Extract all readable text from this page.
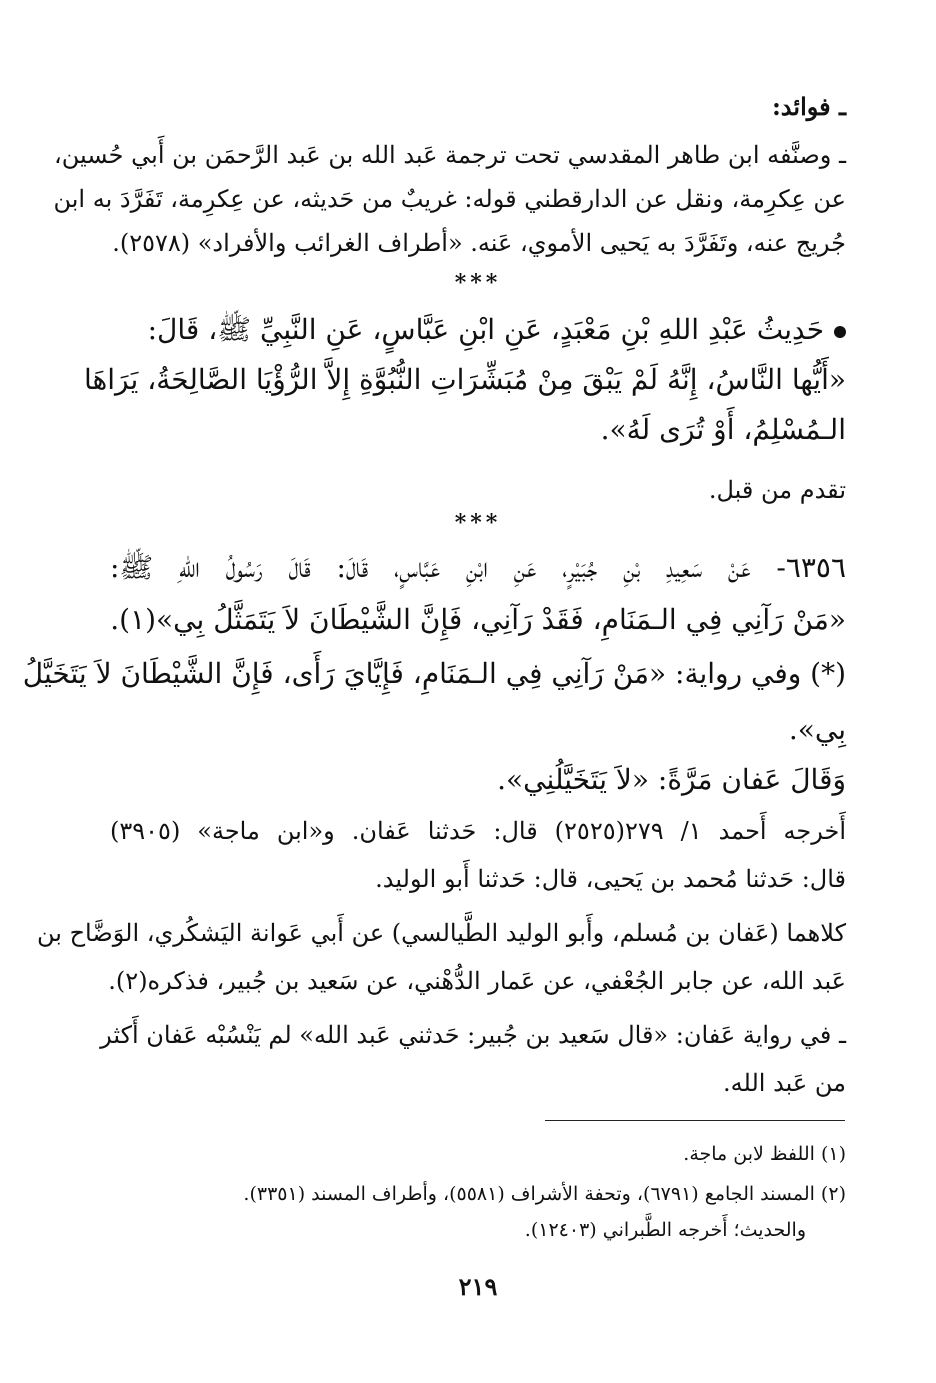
ـ فوائد:
ـ وصنَّفه ابن طاهر المقدسي تحت ترجمة عَبد الله بن عَبد الرَّحمَن بن أَبي حُسين،
عن عِكرِمة، ونقل عن الدارقطني قوله: غريبٌ من حَديثه، عن عِكرِمة، تَفَرَّدَ به ابن
جُريج عنه، وتَفَرَّدَ به يَحيى الأموي، عَنه. «أطراف الغرائب والأفراد» (٢٥٧٨).
***
حَدِيثُ عَبْدِ اللهِ بْنِ مَعْبَدٍ، عَنِ ابْنِ عَبَّاسٍ، عَنِ النَّبِيِّ ﷺ، قَالَ:
«أَيُّها النَّاسُ، إِنَّهُ لَمْ يَبْقَ مِنْ مُبَشِّرَاتِ النُّبُوَّةِ إِلاَّ الرُّؤْيَا الصَّالِحَةُ، يَرَاهَا
الـمُسْلِمُ، أَوْ تُرَى لَهُ».
تقدم من قبل.
***
٦٣٥٦- عَنْ سَعِيدِ بْنِ جُبَيْرٍ، عَنِ ابْنِ عَبَّاسٍ، قَالَ: قَالَ رَسُولُ اللهِ ﷺ:
«مَنْ رَآنِي فِي الـمَنَامِ، فَقَدْ رَآنِي، فَإِنَّ الشَّيْطَانَ لاَ يَتَمَثَّلُ بِي»(١).
(*) وفي رواية: «مَنْ رَآنِي فِي الـمَنَامِ، فَإِيَّايَ رَأَى، فَإِنَّ الشَّيْطَانَ لاَ يَتَخَيَّلُ
بِي».
وَقَالَ عَفان مَرَّةً: «لاَ يَتَخَيَّلُنِي».
أَخرجه أَحمد ١/ ٢٧٩(٢٥٢٥) قال: حَدثنا عَفان. و«ابن ماجة» (٣٩٠٥)
قال: حَدثنا مُحمد بن يَحيى، قال: حَدثنا أَبو الوليد.
كلاهما (عَفان بن مُسلم، وأَبو الوليد الطَّيالسي) عن أَبي عَوانة اليَشكُري، الوَضَّاح بن
عَبد الله، عن جابر الجُعْفي، عن عَمار الدُّهْني، عن سَعيد بن جُبير، فذكره(٢).
ـ في رواية عَفان: «قال سَعيد بن جُبير: حَدثني عَبد الله» لم يَنْسُبْه عَفان أَكثر
من عَبد الله.
(١) اللفظ لابن ماجة.
(٢) المسند الجامع (٦٧٩١)، وتحفة الأشراف (٥٥٨١)، وأطراف المسند (٣٣٥١).
والحديث؛ أَخرجه الطَّبراني (١٢٤٠٣).
٢١٩
